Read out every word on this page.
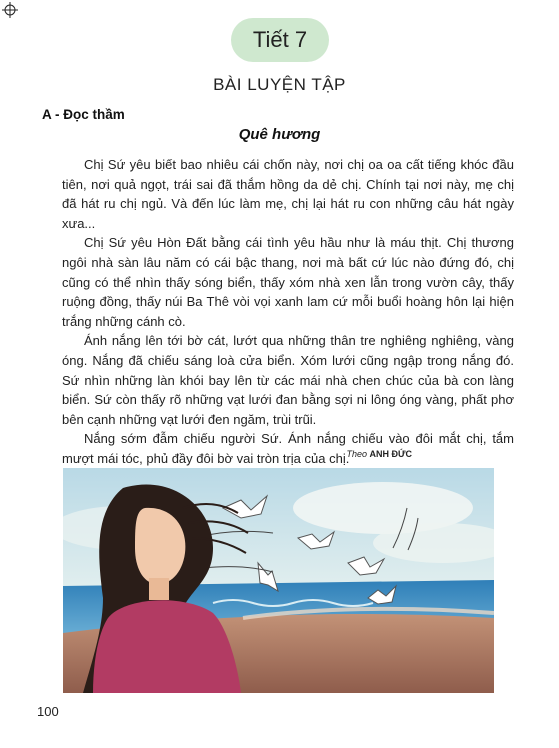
Tiết 7
BÀI LUYỆN TẬP
A - Đọc thầm
Quê hương

Chị Sứ yêu biết bao nhiêu cái chốn này, nơi chị oa oa cất tiếng khóc đầu tiên, nơi quả ngọt, trái sai đã thắm hồng da dẻ chị. Chính tại nơi này, mẹ chị đã hát ru chị ngủ. Và đến lúc làm mẹ, chị lại hát ru con những câu hát ngày xưa...

Chị Sứ yêu Hòn Đất bằng cái tình yêu hầu như là máu thịt. Chị thương ngôi nhà sàn lâu năm có cái bậc thang, nơi mà bất cứ lúc nào đứng đó, chị cũng có thể nhìn thấy sóng biển, thấy xóm nhà xen lẫn trong vườn cây, thấy ruộng đồng, thấy núi Ba Thê vòi vọi xanh lam cứ mỗi buổi hoàng hôn lại hiện trắng những cánh cò.

Ánh nắng lên tới bờ cát, lướt qua những thân tre nghiêng nghiêng, vàng óng. Nắng đã chiếu sáng loà cửa biển. Xóm lưới cũng ngập trong nắng đó. Sứ nhìn những làn khói bay lên từ các mái nhà chen chúc của bà con làng biển. Sứ còn thấy rõ những vạt lưới đan bằng sợi ni lông óng vàng, phất phơ bên cạnh những vạt lưới đen ngăm, trùi trũi.

Nắng sớm đẫm chiếu người Sứ. Ánh nắng chiếu vào đôi mắt chị, tắm mượt mái tóc, phủ đầy đôi bờ vai tròn trịa của chị.

Theo ANH ĐỨC
100
